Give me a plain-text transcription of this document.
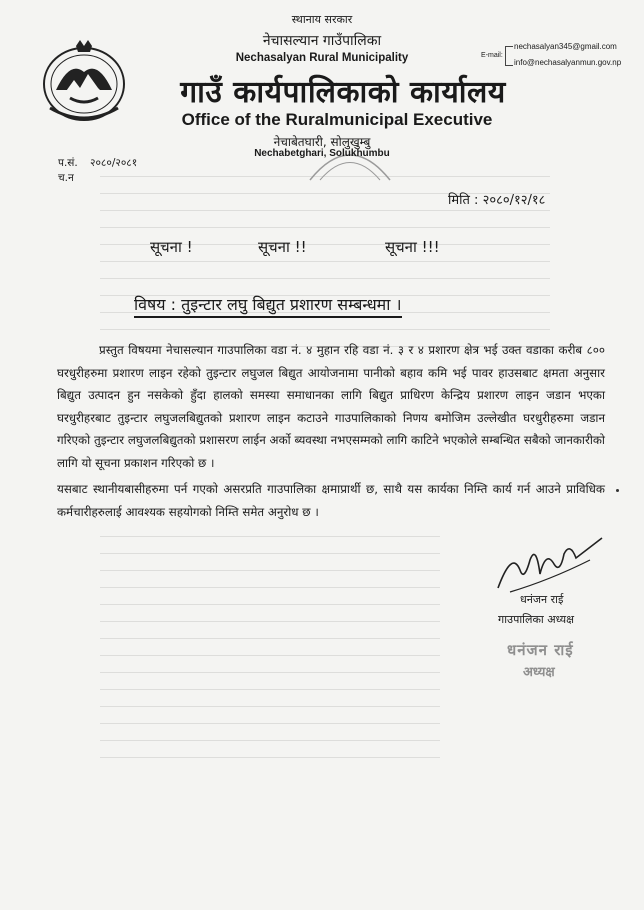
स्थानाय सरकार
नेचासल्यान गाउँपालिका
Nechasalyan Rural Municipality
गाउँ कार्यपालिकाको कार्यालय
Office of the Ruralmunicipal Executive
नेचाबेतघारी, सोलुखुम्बु
Nechabetghari, Solukhumbu
E-mail:
nechasalyan345@gmail.com
info@nechasalyanmun.gov.np
प.सं. २०८०/२०८१
च.न
मिति : २०८०/१२/१८
सूचना !	सूचना !!	सूचना !!!
विषय : तुइन्टार लघु बिद्युत प्रशारण सम्बन्धमा ।
प्रस्तुत विषयमा नेचासल्यान गाउपालिका वडा नं. ४ मुहान रहि वडा नं. ३ र ४ प्रशारण क्षेत्र भई उक्त वडाका करीब ८०० घरधुरीहरुमा प्रशारण लाइन रहेको तुइन्टार लघुजल बिद्युत आयोजनामा पानीको बहाव कमि भई पावर हाउसबाट क्षमता अनुसार बिद्युत उत्पादन हुन नसकेको हुँदा हालको समस्या समाधानका लागि बिद्युत प्राधिरण केन्द्रिय प्रशारण लाइन जडान भएका घरधुरीहरबाट तुइन्टार लघुजलबिद्युतको प्रशारण लाइन कटाउने गाउपालिकाको निणय बमोजिम उल्लेखीत घरधुरीहरुमा जडान गरिएको तुइन्टार लघुजलबिद्युतको प्रशासरण लाईन अर्को ब्यवस्था नभएसम्मको लागि काटिने भएकोले सम्बन्धित सबैको जानकारीको लागि यो सूचना प्रकाशन गरिएको छ ।
यसबाट स्थानीयबासीहरुमा पर्न गएको असरप्रति गाउपालिका क्षमाप्रार्थी छ, साथै यस कार्यका निम्ति कार्य गर्न आउने प्राविधिक कर्मचारीहरुलाई आवश्यक सहयोगको निम्ति समेत अनुरोध छ ।
धनंजन राई
गाउपालिका अध्यक्ष
धनंजन राई
अध्यक्ष
